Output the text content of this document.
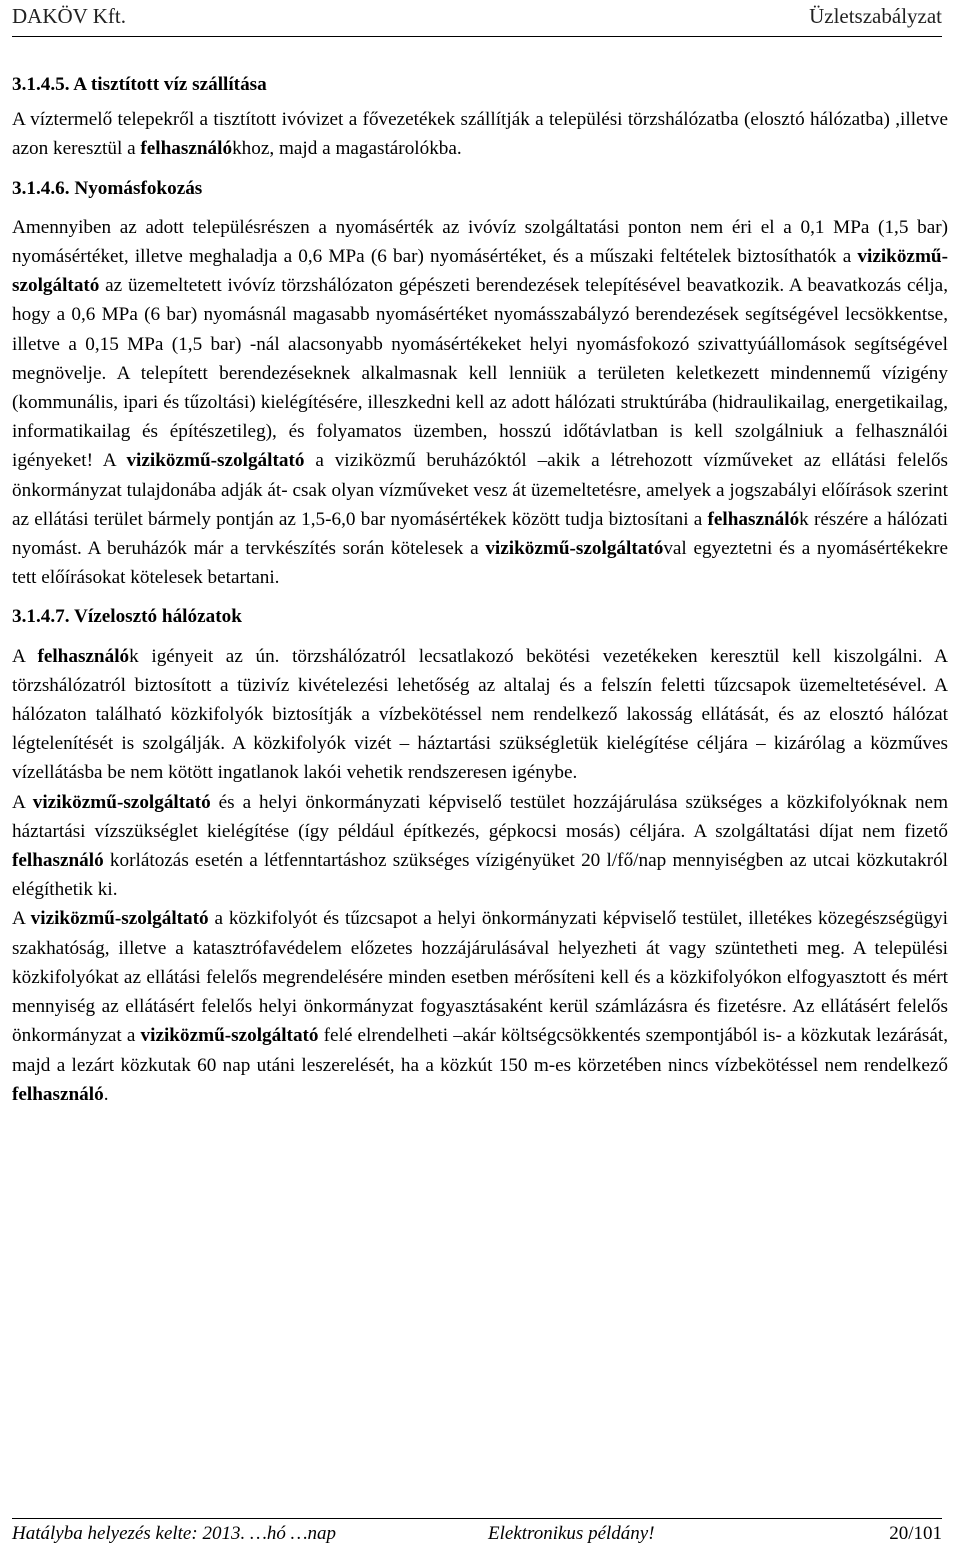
DAKÖV Kft.	Üzletszabályzat

3.1.4.5. A tisztított víz szállítása

A víztermelő telepekről a tisztított ivóvizet a fővezetékek szállítják a települési törzshálózatba (elosztó hálózatba) ,illetve azon keresztül a felhasználókhoz, majd a magastárolókba.

3.1.4.6. Nyomásfokozás

Amennyiben az adott településrészen a nyomásérték az ivóvíz szolgáltatási ponton nem éri el a 0,1 MPa (1,5 bar) nyomásértéket, illetve meghaladja a 0,6 MPa (6 bar) nyomásértéket, és a műszaki feltételek biztosíthatók a viziközmű-szolgáltató az üzemeltetett ivóvíz törzshálózaton gépészeti berendezések telepítésével beavatkozik. A beavatkozás célja, hogy a 0,6 MPa (6 bar) nyomásnál magasabb nyomásértéket nyomásszabályzó berendezések segítségével lecsökkentse, illetve a 0,15 MPa (1,5 bar) -nál alacsonyabb nyomásértékeket helyi nyomásfokozó szivattyúállomások segítségével megnövelje. A telepített berendezéseknek alkalmasnak kell lenniük a területen keletkezett mindennemű vízigény (kommunális, ipari és tűzoltási) kielégítésére, illeszkedni kell az adott hálózati struktúrába (hidraulikailag, energetikailag, informatikailag és építészetileg), és folyamatos üzemben, hosszú időtávlatban is kell szolgálniuk a felhasználói igényeket! A viziközmű-szolgáltató a viziközmű beruházóktól –akik a létrehozott vízműveket az ellátási felelős önkormányzat tulajdonába adják át- csak olyan vízműveket vesz át üzemeltetésre, amelyek a jogszabályi előírások szerint az ellátási terület bármely pontján az 1,5-6,0 bar nyomásértékek között tudja biztosítani a felhasználók részére a hálózati nyomást. A beruházók már a tervkészítés során kötelesek a viziközmű-szolgáltatóval egyeztetni és a nyomásértékekre tett előírásokat kötelesek betartani.

3.1.4.7. Vízelosztó hálózatok

A felhasználók igényeit az ún. törzshálózatról lecsatlakozó bekötési vezetékeken keresztül kell kiszolgálni. A törzshálózatról biztosított a tüzivíz kivételezési lehetőség az altalaj és a felszín feletti tűzcsapok üzemeltetésével. A hálózaton található közkifolyók biztosítják a vízbekötéssel nem rendelkező lakosság ellátását, és az elosztó hálózat légtelenítését is szolgálják. A közkifolyók vizét – háztartási szükségletük kielégítése céljára – kizárólag a közműves vízellátásba be nem kötött ingatlanok lakói vehetik rendszeresen igénybe.

A viziközmű-szolgáltató és a helyi önkormányzati képviselő testület hozzájárulása szükséges a közkifolyóknak nem háztartási vízszükséglet kielégítése (így például építkezés, gépkocsi mosás) céljára. A szolgáltatási díjat nem fizető felhasználó korlátozás esetén a létfenntartáshoz szükséges vízigényüket 20 l/fő/nap mennyiségben az utcai közkutakról elégíthetik ki.

A viziközmű-szolgáltató a közkifolyót és tűzcsapot a helyi önkormányzati képviselő testület, illetékes közegészségügyi szakhatóság, illetve a katasztrófavédelem előzetes hozzájárulásával helyezheti át vagy szüntetheti meg. A települési közkifolyókat az ellátási felelős megrendelésére minden esetben mérősíteni kell és a közkifolyókon elfogyasztott és mért mennyiség az ellátásért felelős helyi önkormányzat fogyasztásaként kerül számlázásra és fizetésre. Az ellátásért felelős önkormányzat a viziközmű-szolgáltató felé elrendelheti –akár költségcsökkentés szempontjából is- a közkutak lezárását, majd a lezárt közkutak 60 nap utáni leszerelését, ha a közkút 150 m-es körzetében nincs vízbekötéssel nem rendelkező felhasználó.

Hatályba helyezés kelte: 2013. …hó …nap	Elektronikus példány!	20/101
